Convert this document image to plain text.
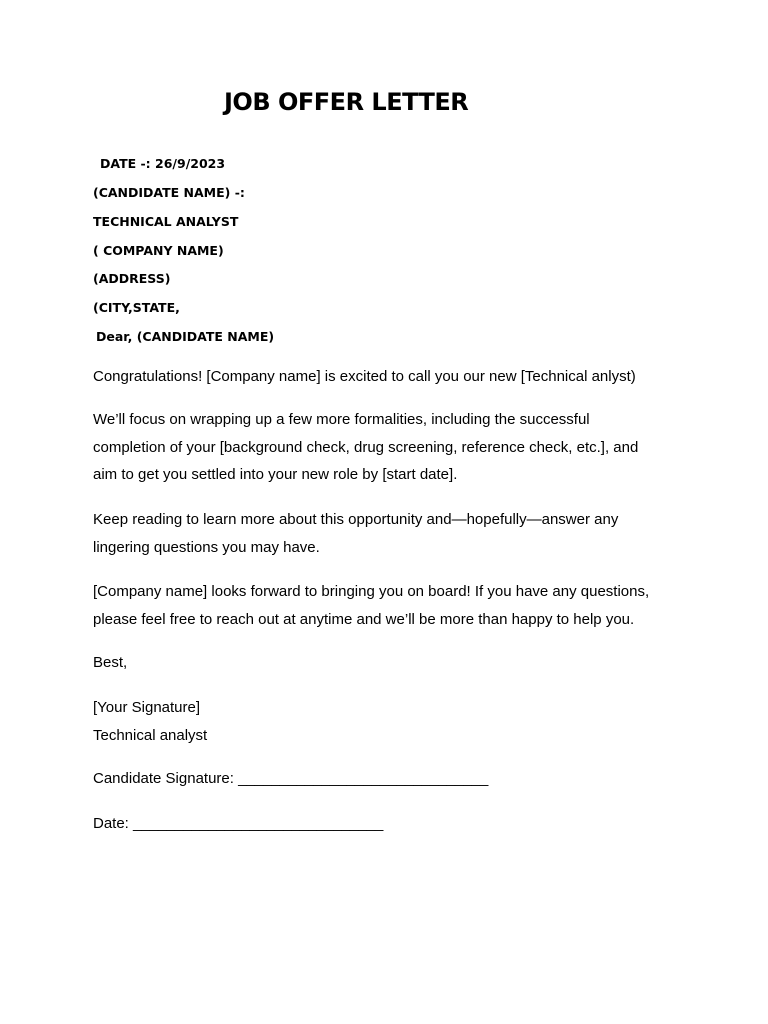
JOB OFFER LETTER
DATE -: 26/9/2023
(CANDIDATE NAME) -:
TECHNICAL ANALYST
( COMPANY NAME)
(ADDRESS)
(CITY,STATE,
Dear, (CANDIDATE NAME)
Congratulations! [Company name] is excited to call you our new [Technical anlyst)
We’ll focus on wrapping up a few more formalities, including the successful
completion of your [background check, drug screening, reference check, etc.], and
aim to get you settled into your new role by [start date].
Keep reading to learn more about this opportunity and—hopefully—answer any
lingering questions you may have.
[Company name] looks forward to bringing you on board! If you have any questions,
please feel free to reach out at anytime and we’ll be more than happy to help you.
Best,
[Your Signature]
Technical analyst
Candidate Signature: ______________________________
Date: ______________________________
